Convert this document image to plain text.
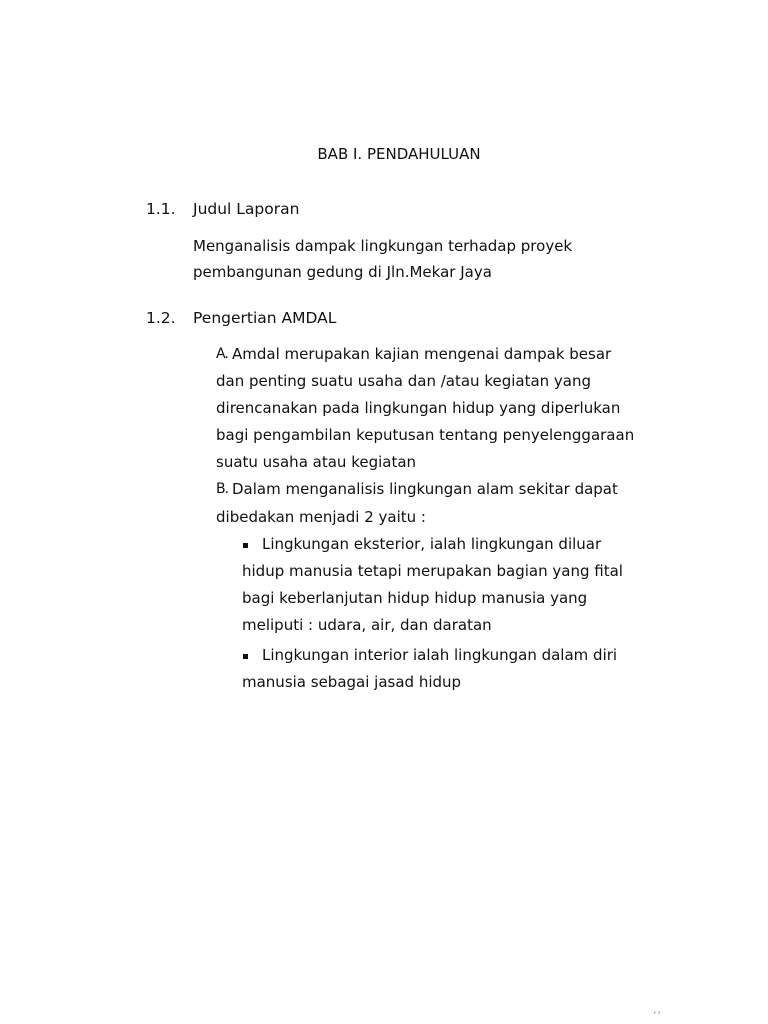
BAB I. PENDAHULUAN
1.1. Judul Laporan
Menganalisis dampak lingkungan terhadap proyek
pembangunan gedung di Jln.Mekar Jaya
1.2. Pengertian AMDAL
A. Amdal merupakan kajian mengenai dampak besar
dan penting suatu usaha dan /atau kegiatan yang
direncanakan pada lingkungan hidup yang diperlukan
bagi pengambilan keputusan tentang penyelenggaraan
suatu usaha atau kegiatan
B. Dalam menganalisis lingkungan alam sekitar dapat
dibedakan menjadi 2 yaitu :
Lingkungan eksterior, ialah lingkungan diluar
hidup manusia tetapi merupakan bagian yang fital
bagi keberlanjutan hidup hidup manusia yang
meliputi : udara, air, dan daratan
Lingkungan interior ialah lingkungan dalam diri
manusia sebagai jasad hidup
´´
